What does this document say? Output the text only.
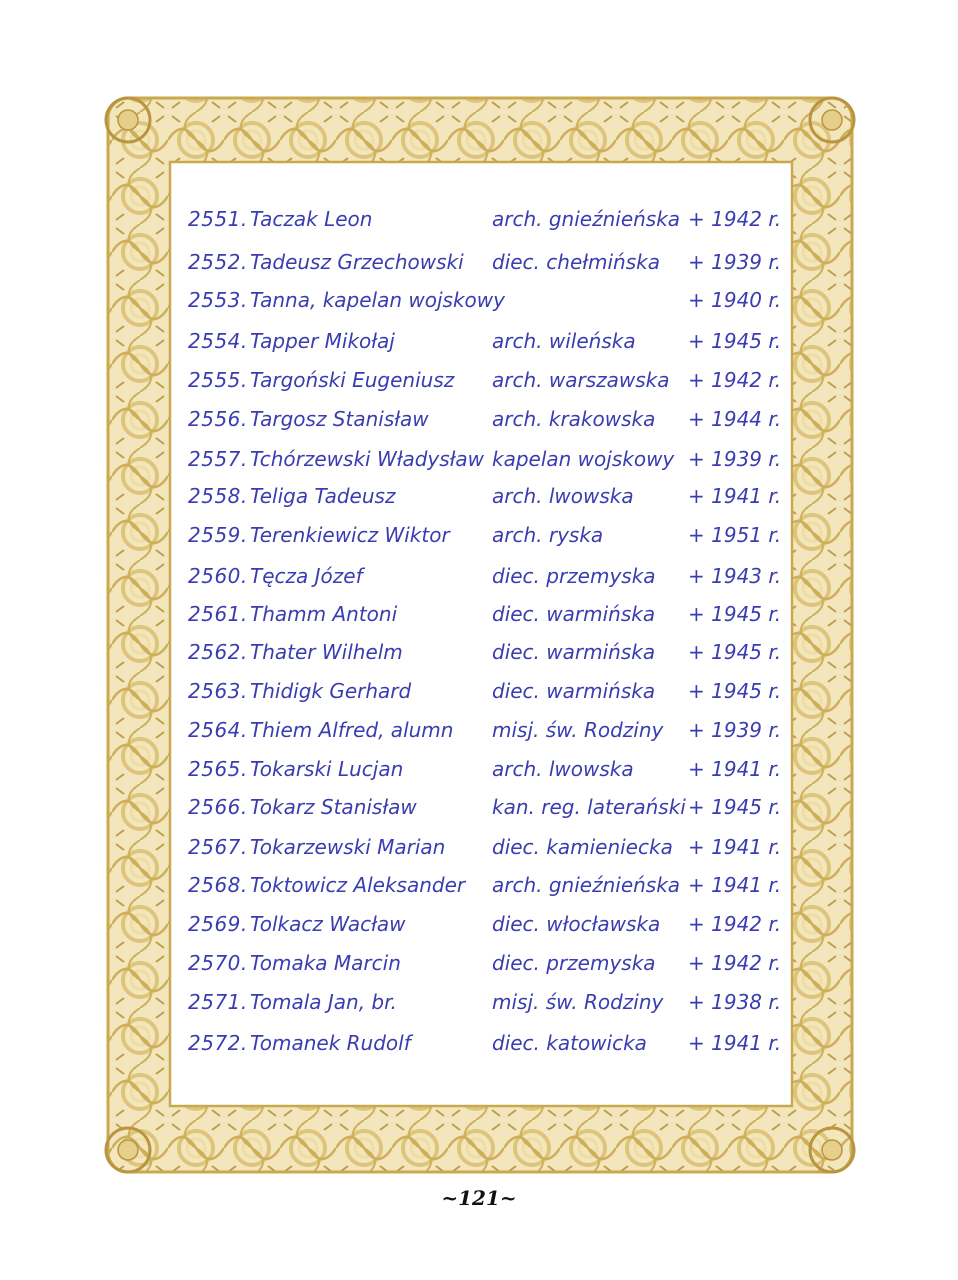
2551. Taczak Leon	arch. gnieźnieńska + 1942 r.
2552. Tadeusz Grzechowski diec. chełmińska + 1939 r.
2553. Tanna, kapelan wojskowy	+ 1940 r.
2554. Tapper Mikołaj	arch. wileńska	+ 1945 r.
2555. Targoński Eugeniusz arch. warszawska + 1942 r.
2556. Targosz Stanisław	arch. krakowska + 1944 r.
2557. Tchórzewski Władysław kapelan wojskowy + 1939 r.
2558. Teliga Tadeusz	arch. lwowska	+ 1941 r.
2559. Terenkiewicz Wiktor arch. ryska	+ 1951 r.
2560. Tęcza Józef	diec. przemyska + 1943 r.
2561. Thamm Antoni	diec. warmińska + 1945 r.
2562. Thater Wilhelm	diec. warmińska + 1945 r.
2563. Thidigk Gerhard	diec. warmińska + 1945 r.
2564. Thiem Alfred, alumn misj. św. Rodziny + 1939 r.
2565. Tokarski Lucjan	arch. lwowska	+ 1941 r.
2566. Tokarz Stanisław	kan. reg. laterański + 1945 r.
2567. Tokarzewski Marian diec. kamieniecka + 1941 r.
2568. Toktowicz Aleksander arch. gnieźnieńska + 1941 r.
2569. Tolkacz Wacław	diec. włocławska + 1942 r.
2570. Tomaka Marcin	diec. przemyska + 1942 r.
2571. Tomala Jan, br.	misj. św. Rodziny + 1938 r.
2572. Tomanek Rudolf	diec. katowicka + 1941 r.
~121~
